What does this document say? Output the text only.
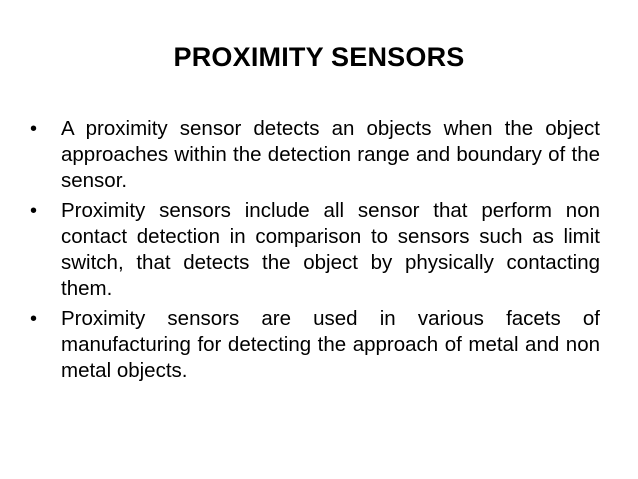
PROXIMITY SENSORS
•	A proximity sensor detects an objects when the object approaches within the detection range and boundary of the sensor.
•	Proximity sensors include all sensor that perform non contact detection in comparison to sensors such as limit switch, that detects the object by physically contacting them.
•	Proximity sensors are used in various facets of manufacturing for detecting the approach of metal and non metal objects.
